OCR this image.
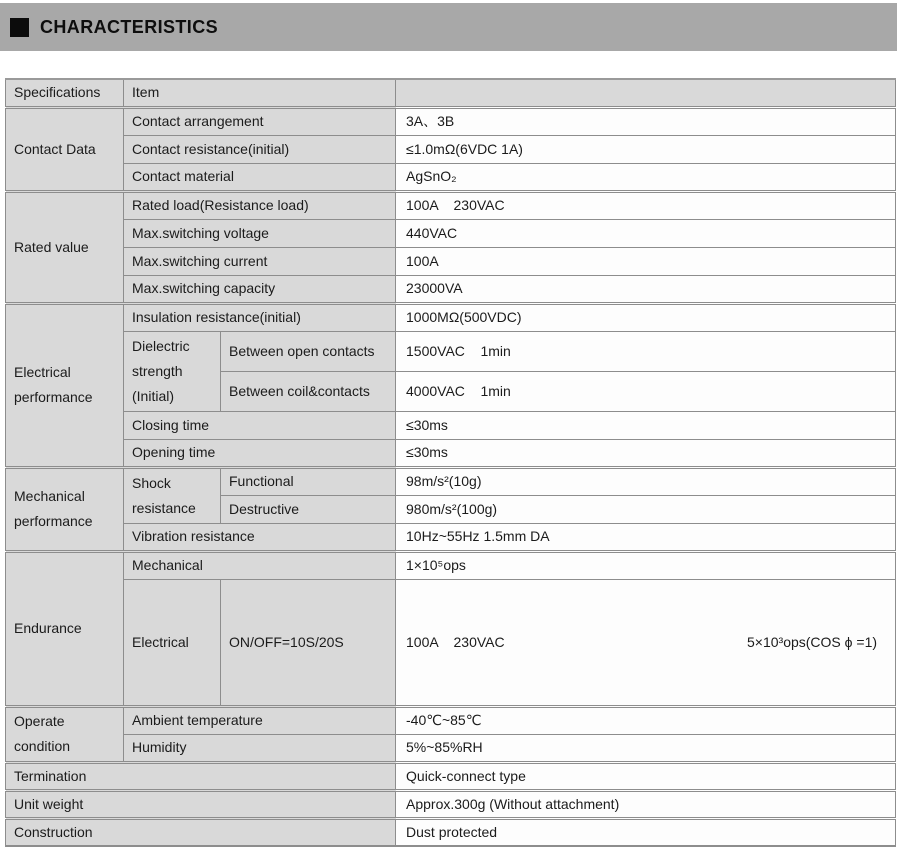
CHARACTERISTICS
Specifications	Item		
Contact Data	Contact arrangement		3A、3B
	Contact resistance(initial)		≤1.0mΩ(6VDC 1A)
	Contact material		AgSnO₂
Rated value	Rated load(Resistance load)		100A    230VAC
	Max.switching voltage		440VAC
	Max.switching current		100A
	Max.switching capacity		23000VA
Electrical performance	Insulation resistance(initial)		1000MΩ(500VDC)
	Dielectric strength (Initial)	Between open contacts	1500VAC    1min
		Between coil&contacts	4000VAC    1min
	Closing time		≤30ms
	Opening time		≤30ms
Mechanical performance	Shock resistance	Functional	98m/s²(10g)
		Destructive	980m/s²(100g)
	Vibration resistance		10Hz~55Hz 1.5mm DA
Endurance	Mechanical		1×10⁵ops
	Electrical	ON/OFF=10S/20S	100A    230VAC 5×10³ops(COS ϕ =1)

Operate condition	Ambient temperature		-40℃~85℃
	Humidity		5%~85%RH
Termination			Quick-connect type
Unit weight			Approx.300g (Without attachment)
Construction			Dust protected
